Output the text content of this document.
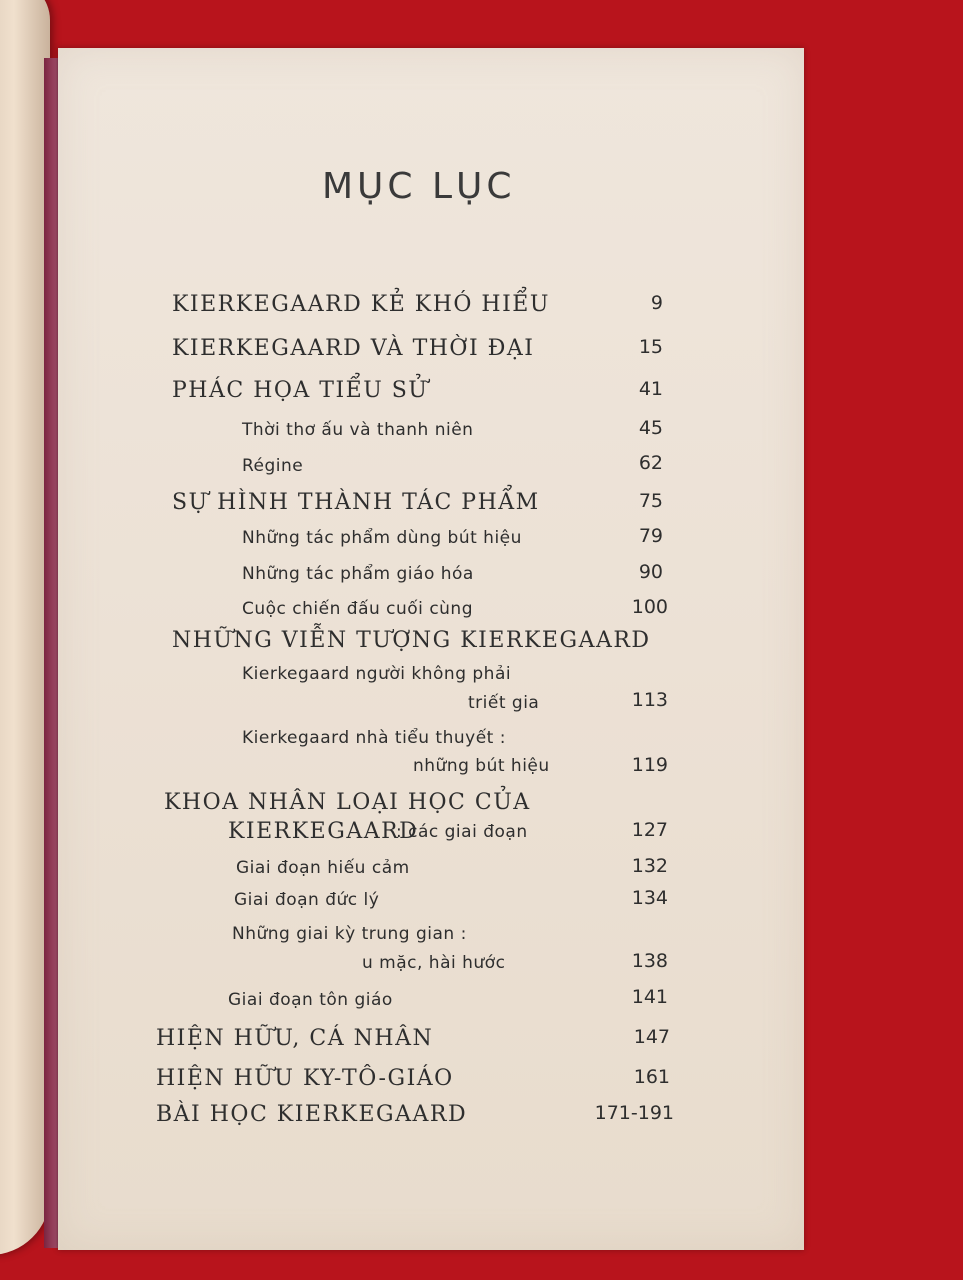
MỤC LỤC
KIERKEGAARD KẺ KHÓ HIỂU	9
KIERKEGAARD VÀ THỜI ĐẠI	15
PHÁC HỌA TIỂU SỬ	41
Thời thơ ấu và thanh niên	45
Régine	62
SỰ HÌNH THÀNH TÁC PHẨM	75
Những tác phẩm dùng bút hiệu	79
Những tác phẩm giáo hóa	90
Cuộc chiến đấu cuối cùng	100
NHỮNG VIỄN TƯỢNG KIERKEGAARD
Kierkegaard người không phải
triết gia	113
Kierkegaard nhà tiểu thuyết :
những bút hiệu	119
KHOA NHÂN LOẠI HỌC CỦA
KIERKEGAARD
: các giai đoạn	127
Giai đoạn hiếu cảm	132
Giai đoạn đức lý	134
Những giai kỳ trung gian :
u mặc, hài hước	138
Giai đoạn tôn giáo	141
HIỆN HỮU, CÁ NHÂN	147
HIỆN HỮU KY-TÔ-GIÁO	161
BÀI HỌC KIERKEGAARD	171-191
